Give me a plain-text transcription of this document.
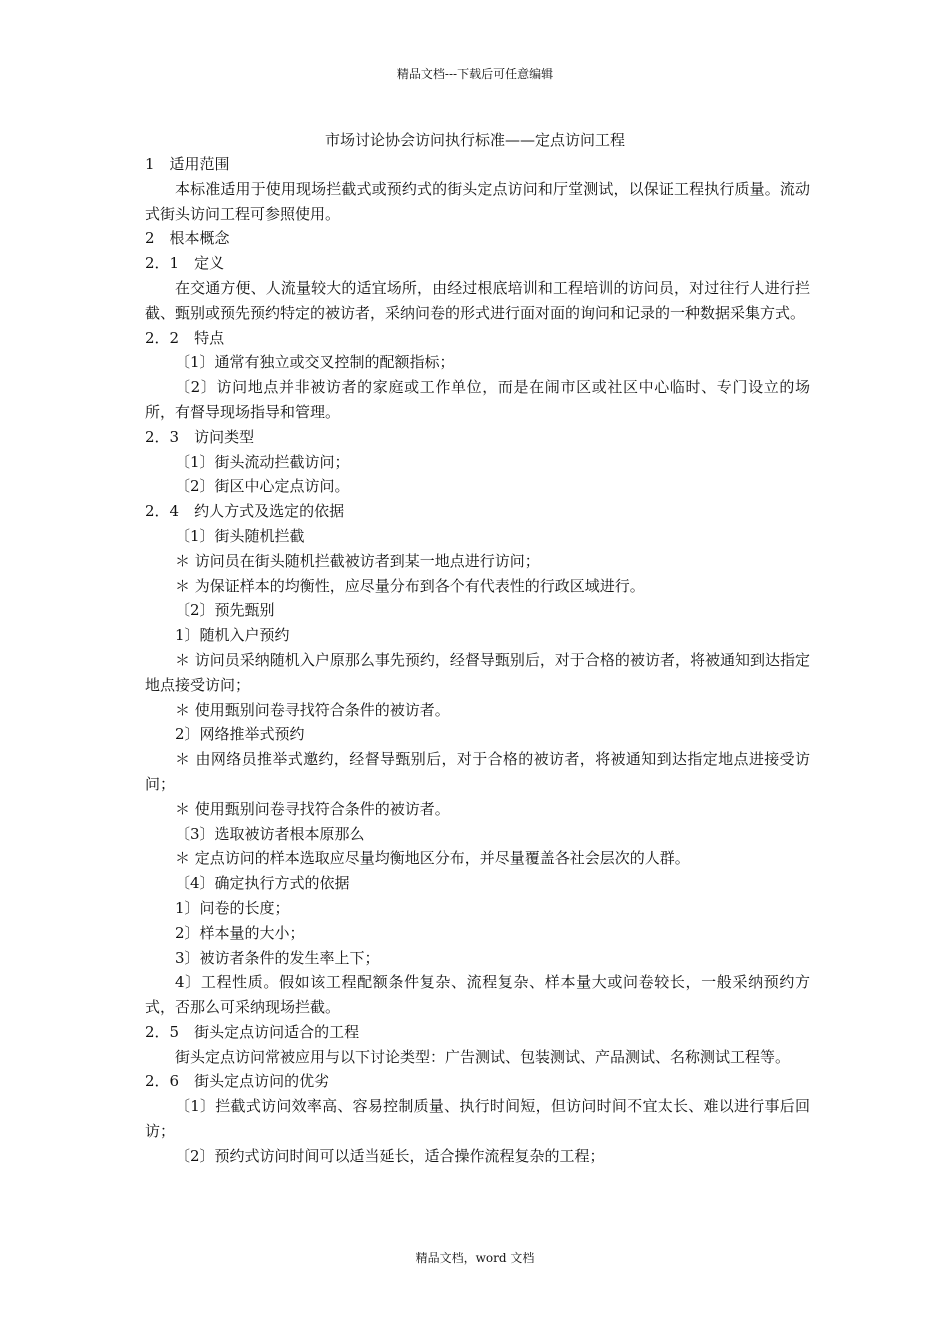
精品文档---下载后可任意编辑
市场讨论协会访问执行标准——定点访问工程

1　适用范围

本标准适用于使用现场拦截式或预约式的街头定点访问和厅堂测试，以保证工程执行质量。流动式街头访问工程可参照使用。

2　根本概念

2．1　定义

在交通方便、人流量较大的适宜场所，由经过根底培训和工程培训的访问员，对过往行人进行拦截、甄别或预先预约特定的被访者，采纳问卷的形式进行面对面的询问和记录的一种数据采集方式。

2．2　特点

〔1〕通常有独立或交叉控制的配额指标；

〔2〕访问地点并非被访者的家庭或工作单位，而是在闹市区或社区中心临时、专门设立的场所，有督导现场指导和管理。

2．3　访问类型

〔1〕街头流动拦截访问；

〔2〕街区中心定点访问。

2．4　约人方式及选定的依据

〔1〕街头随机拦截

＊ 访问员在街头随机拦截被访者到某一地点进行访问；

＊ 为保证样本的均衡性，应尽量分布到各个有代表性的行政区域进行。

〔2〕预先甄别

1〕随机入户预约

＊ 访问员采纳随机入户原那么事先预约，经督导甄别后，对于合格的被访者，将被通知到达指定地点接受访问；

＊ 使用甄别问卷寻找符合条件的被访者。

2〕网络推举式预约

＊ 由网络员推举式邀约，经督导甄别后，对于合格的被访者，将被通知到达指定地点进接受访问；

＊ 使用甄别问卷寻找符合条件的被访者。

〔3〕选取被访者根本原那么

＊ 定点访问的样本选取应尽量均衡地区分布，并尽量覆盖各社会层次的人群。

〔4〕确定执行方式的依据

1〕问卷的长度；

2〕样本量的大小；

3〕被访者条件的发生率上下；

4〕工程性质。假如该工程配额条件复杂、流程复杂、样本量大或问卷较长，一般采纳预约方式，否那么可采纳现场拦截。

2．5　街头定点访问适合的工程

街头定点访问常被应用与以下讨论类型：广告测试、包装测试、产品测试、名称测试工程等。

2．6　街头定点访问的优劣

〔1〕拦截式访问效率高、容易控制质量、执行时间短，但访问时间不宜太长、难以进行事后回访；

〔2〕预约式访问时间可以适当延长，适合操作流程复杂的工程；

精品文档，word 文档
